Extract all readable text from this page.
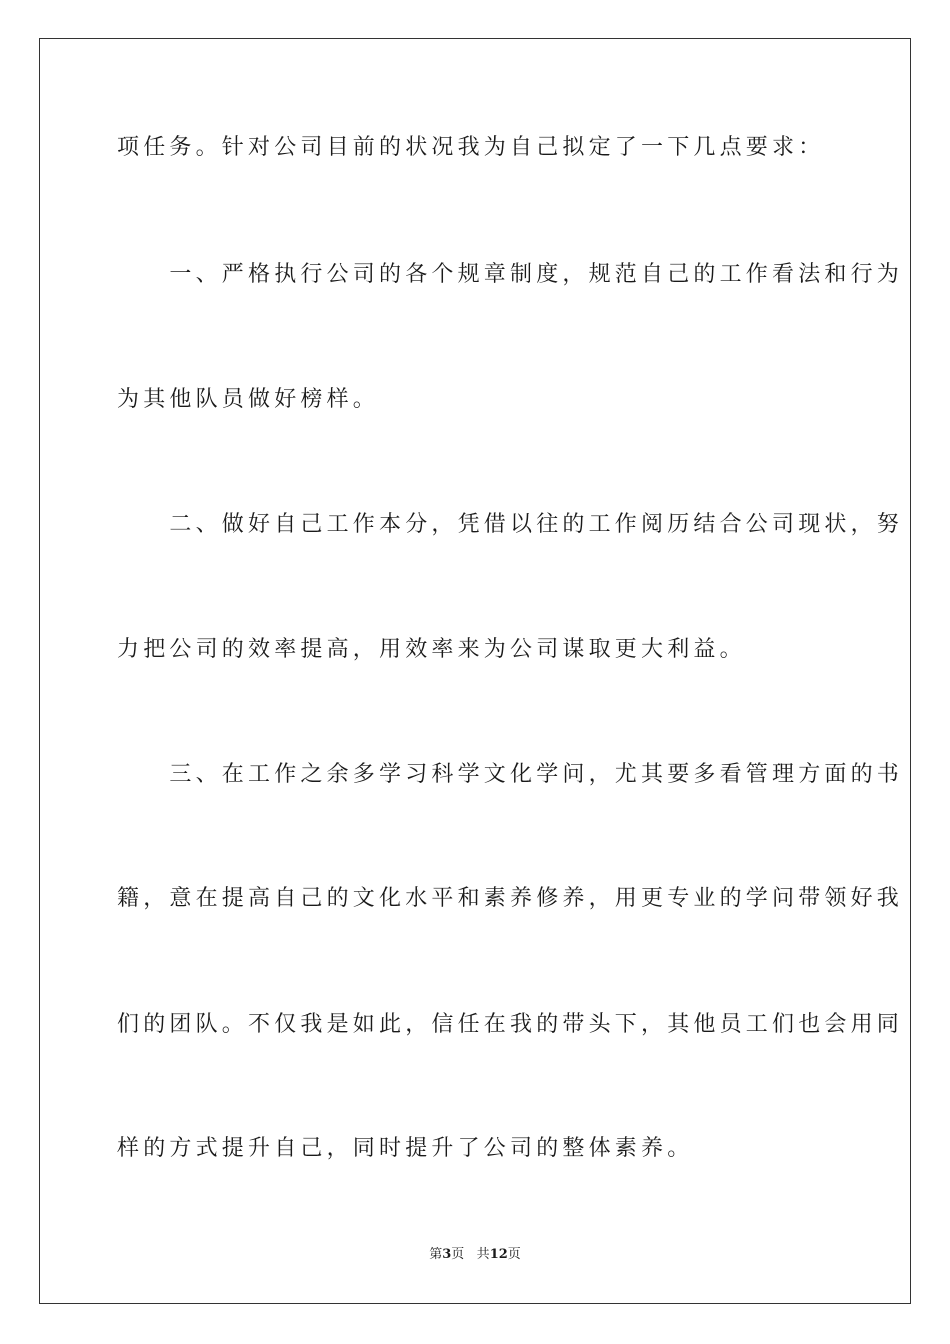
项任务。针对公司目前的状况我为自己拟定了一下几点要求：
　　一、严格执行公司的各个规章制度，规范自己的工作看法和行为
为其他队员做好榜样。
　　二、做好自己工作本分，凭借以往的工作阅历结合公司现状，努
力把公司的效率提高，用效率来为公司谋取更大利益。
　　三、在工作之余多学习科学文化学问，尤其要多看管理方面的书
籍，意在提高自己的文化水平和素养修养，用更专业的学问带领好我
们的团队。不仅我是如此，信任在我的带头下，其他员工们也会用同
样的方式提升自己，同时提升了公司的整体素养。
第3页 共12页
